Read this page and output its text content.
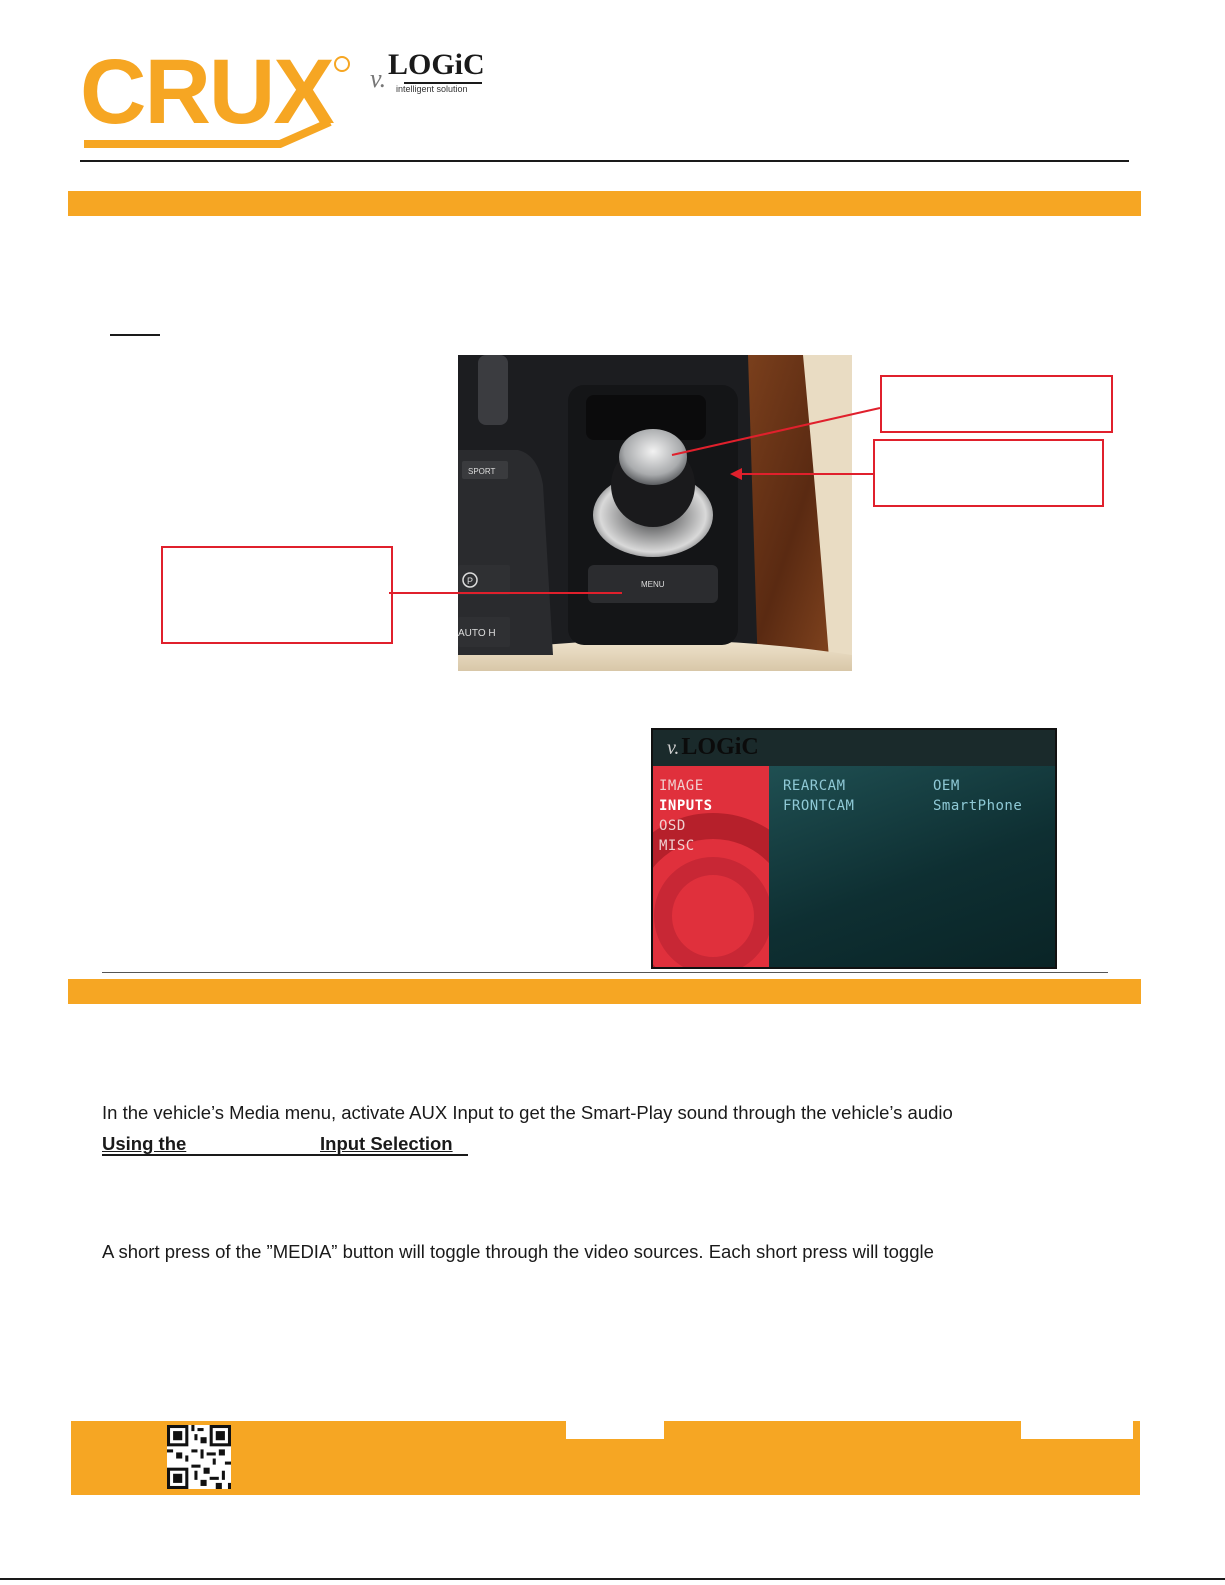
CRUX v. LOGiC
intelligent solution
SPORT
P
AUTO H
MENU
v.LOGiC
IMAGE
INPUTS
OSD
MISC
REARCAM
FRONTCAM
OEM
SmartPhone
In the vehicle’s Media menu, activate AUX Input to get the Smart-Play sound through the vehicle’s audio
Using the	Input Selection
A short press of the ”MEDIA” button will toggle through the video sources. Each short press will toggle
